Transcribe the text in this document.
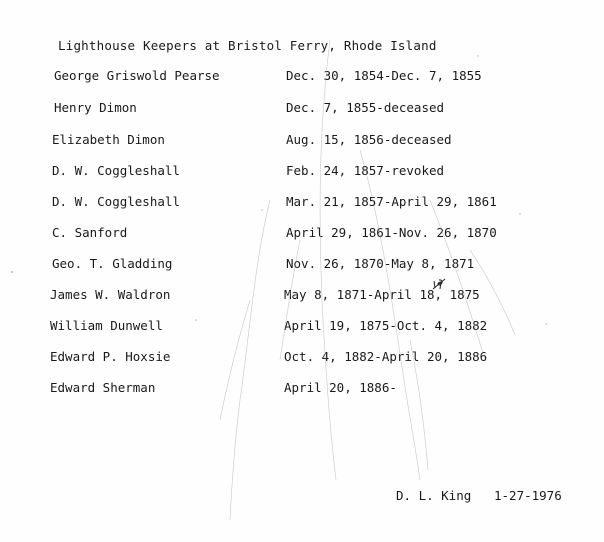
Lighthouse Keepers at Bristol Ferry, Rhode Island
George Griswold Pearse	Dec. 30, 1854-Dec. 7, 1855
Henry Dimon	Dec. 7, 1855-deceased
Elizabeth Dimon	Aug. 15, 1856-deceased
D. W. Coggleshall	Feb. 24, 1857-revoked
D. W. Coggleshall	Mar. 21, 1857-April 29, 1861
C. Sanford	April 29, 1861-Nov. 26, 1870
Geo. T. Gladding	Nov. 26, 1870-May 8, 1871
James W. Waldron	May 8, 1871-April 18, 1875
William Dunwell	April 19, 1875-Oct. 4, 1882
Edward P. Hoxsie	Oct. 4, 1882-April 20, 1886
Edward Sherman	April 20, 1886-
D. L. King 1-27-1976
